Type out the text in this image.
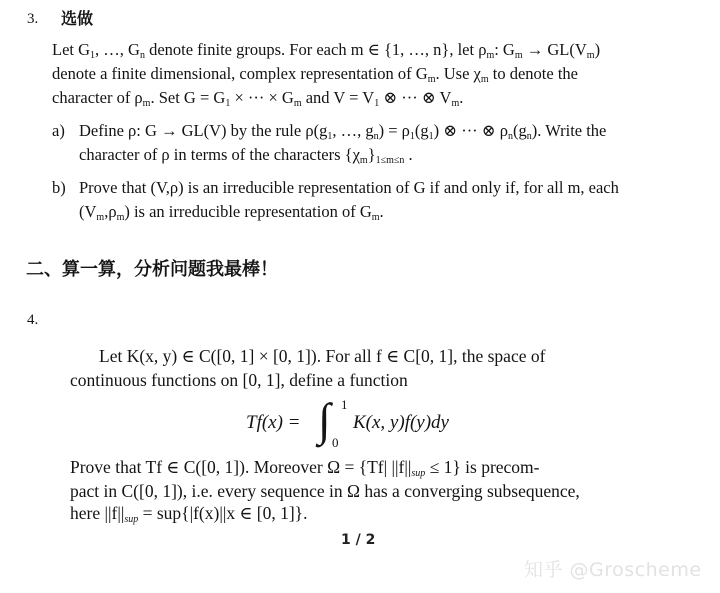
3. 选做
Let $G_1$, …, $G_n$ denote finite groups. For each m ∈ {1, …, n}, let $\rho_m$: $G_m \to GL(V_m)$
denote a finite dimensional, complex representation of $G_m$. Use $\chi_m$ to denote the
character of $\rho_m$. Set $G = G_1$ × ··· × $G_m$ and $V = V_1$ ⊗ ··· ⊗ $V_m$.
a) Define ρ: G → GL(V) by the rule $\rho(g_1$, …, $g_n) = \rho_1(g_1)$ ⊗ ··· ⊗ $\rho_n(g_n)$. Write the
character of ρ in terms of the characters $\{\chi_m\}_{1\le m\le n}$ .
b) Prove that (V,ρ) is an irreducible representation of G if and only if, for all m, each
$(V_m,\rho_m)$ is an irreducible representation of $G_m$.
二、算一算，分析问题我最棒！
4.
Let K(x, y) ∈ C([0, 1] × [0, 1]). For all f ∈ C[0, 1], the space of
continuous functions on [0, 1], define a function
Tf(x) = ∫ 1
0
K(x, y)f(y)dy
Prove that Tf ∈ C([0, 1]). Moreover Ω = {Tf| $||f||_{sup} \le 1$} is precom-
pact in C([0, 1]), i.e. every sequence in Ω has a converging subsequence,
here $||f||_{sup} = sup\{|f(x)||x$ ∈ [0, 1]}.
1 / 2
知乎 @Groscheme
